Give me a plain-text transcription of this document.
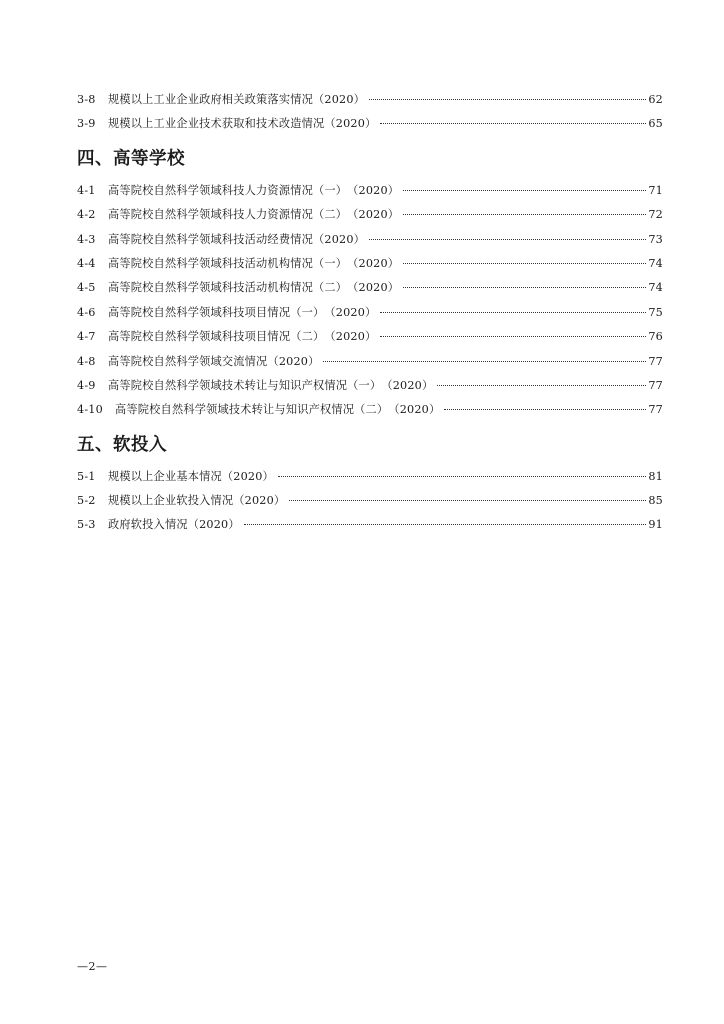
3-8	规模以上工业企业政府相关政策落实情况 （2020）	62
3-9	规模以上工业企业技术获取和技术改造情况 （2020）	65
四、高等学校
4-1	高等院校自然科学领域科技人力资源情况（一） （2020）	71
4-2	高等院校自然科学领域科技人力资源情况（二） （2020）	72
4-3	高等院校自然科学领域科技活动经费情况 （2020）	73
4-4	高等院校自然科学领域科技活动机构情况（一） （2020）	74
4-5	高等院校自然科学领域科技活动机构情况（二） （2020）	74
4-6	高等院校自然科学领域科技项目情况（一） （2020）	75
4-7	高等院校自然科学领域科技项目情况（二） （2020）	76
4-8	高等院校自然科学领域交流情况 （2020）	77
4-9	高等院校自然科学领域技术转让与知识产权情况（一） （2020）	77
4-10	高等院校自然科学领域技术转让与知识产权情况（二） （2020）	77
五、软投入
5-1	规模以上企业基本情况 （2020）	81
5-2	规模以上企业软投入情况 （2020）	85
5-3	政府软投入情况 （2020）	91
—2—
